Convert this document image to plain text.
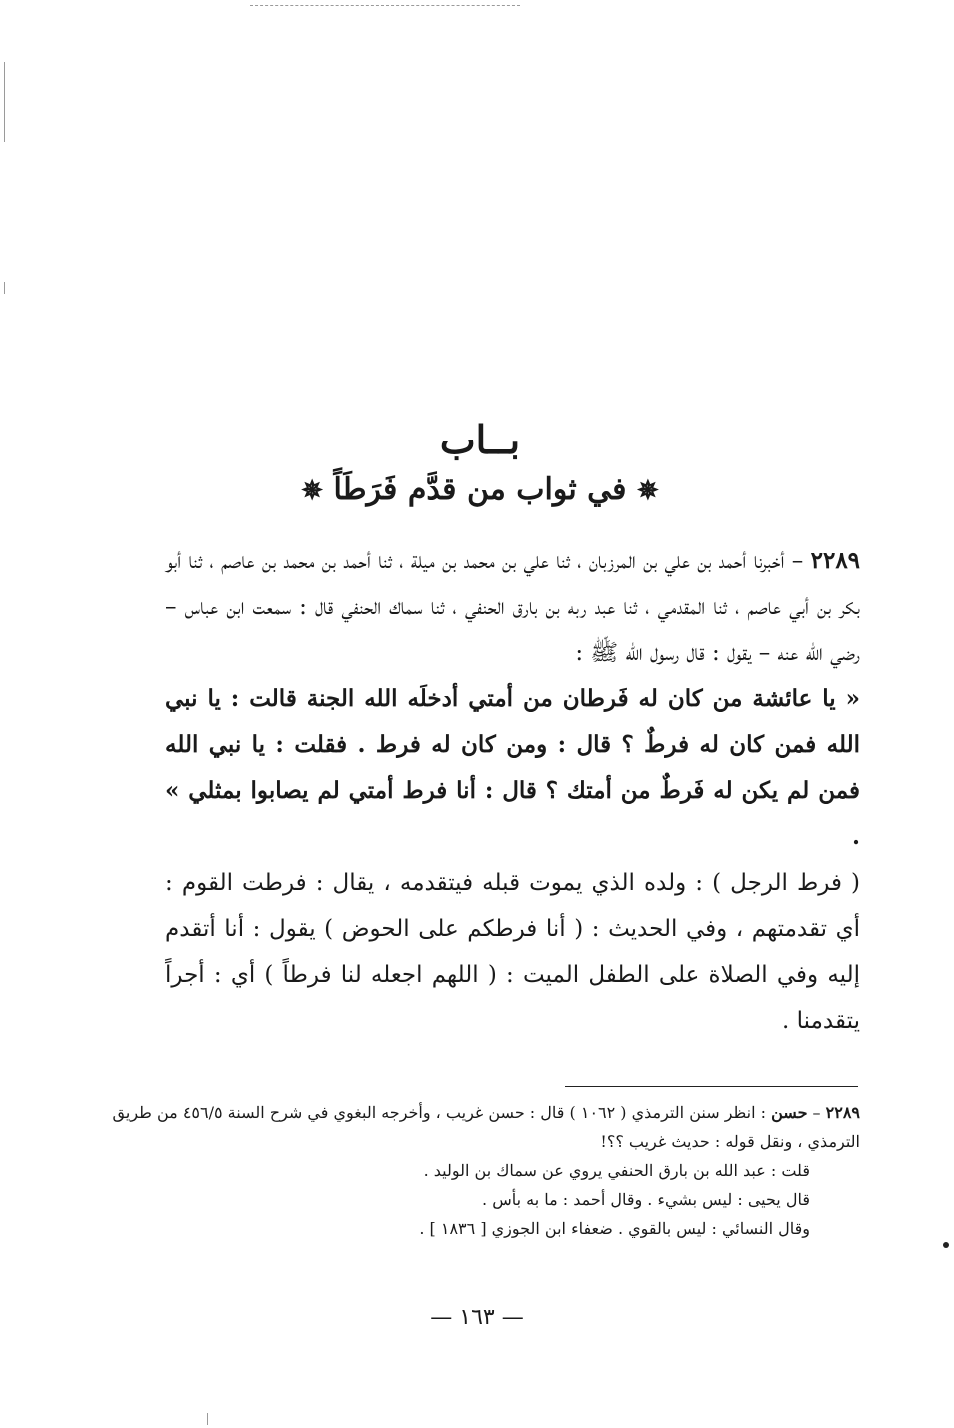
بــاب
✵ في ثواب من قدَّم فَرَطَاً ✵

٢٢٨٩ – أخبرنا أحمد بن علي بن المرزبان ، ثنا علي بن محمد بن ميلة ، ثنا أحمد بن محمد بن عاصم ، ثنا أبو بكر بن أبي عاصم ، ثنا المقدمي ، ثنا عبد ربه بن بارق الحنفي ، ثنا سماك الحنفي قال : سمعت ابن عباس – رضي الله عنه – يقول : قال رسول الله ﷺ :

« يا عائشة من كان له فَرطان من أمتي أدخلَه الله الجنة قالت : يا نبي الله فمن كان له فرطٌ ؟ قال : ومن كان له فرط . فقلت : يا نبي الله فمن لم يكن له فَرطٌ من أمتك ؟ قال : أنا فرط أمتي لم يصابوا بمثلي » .

( فرط الرجل ) : ولده الذي يموت قبله فيتقدمه ، يقال : فرطت القوم : أي تقدمتهم ، وفي الحديث : ( أنا فرطكم على الحوض ) يقول : أنا أتقدم إليه وفي الصلاة على الطفل الميت : ( اللهم اجعله لنا فرطاً ) أي : أجراً يتقدمنا .

٢٢٨٩ – حسن : انظر سنن الترمذي ( ١٠٦٢ ) قال : حسن غريب ، وأخرجه البغوي في شرح السنة ٤٥٦/٥ من طريق الترمذي ، ونقل قوله : حديث غريب ؟؟!

قلت : عبد الله بن بارق الحنفي يروي عن سماك بن الوليد .

قال يحيى : ليس بشيء . وقال أحمد : ما به بأس .

وقال النسائي : ليس بالقوي . ضعفاء ابن الجوزي [ ١٨٣٦ ] .

— ١٦٣ —
